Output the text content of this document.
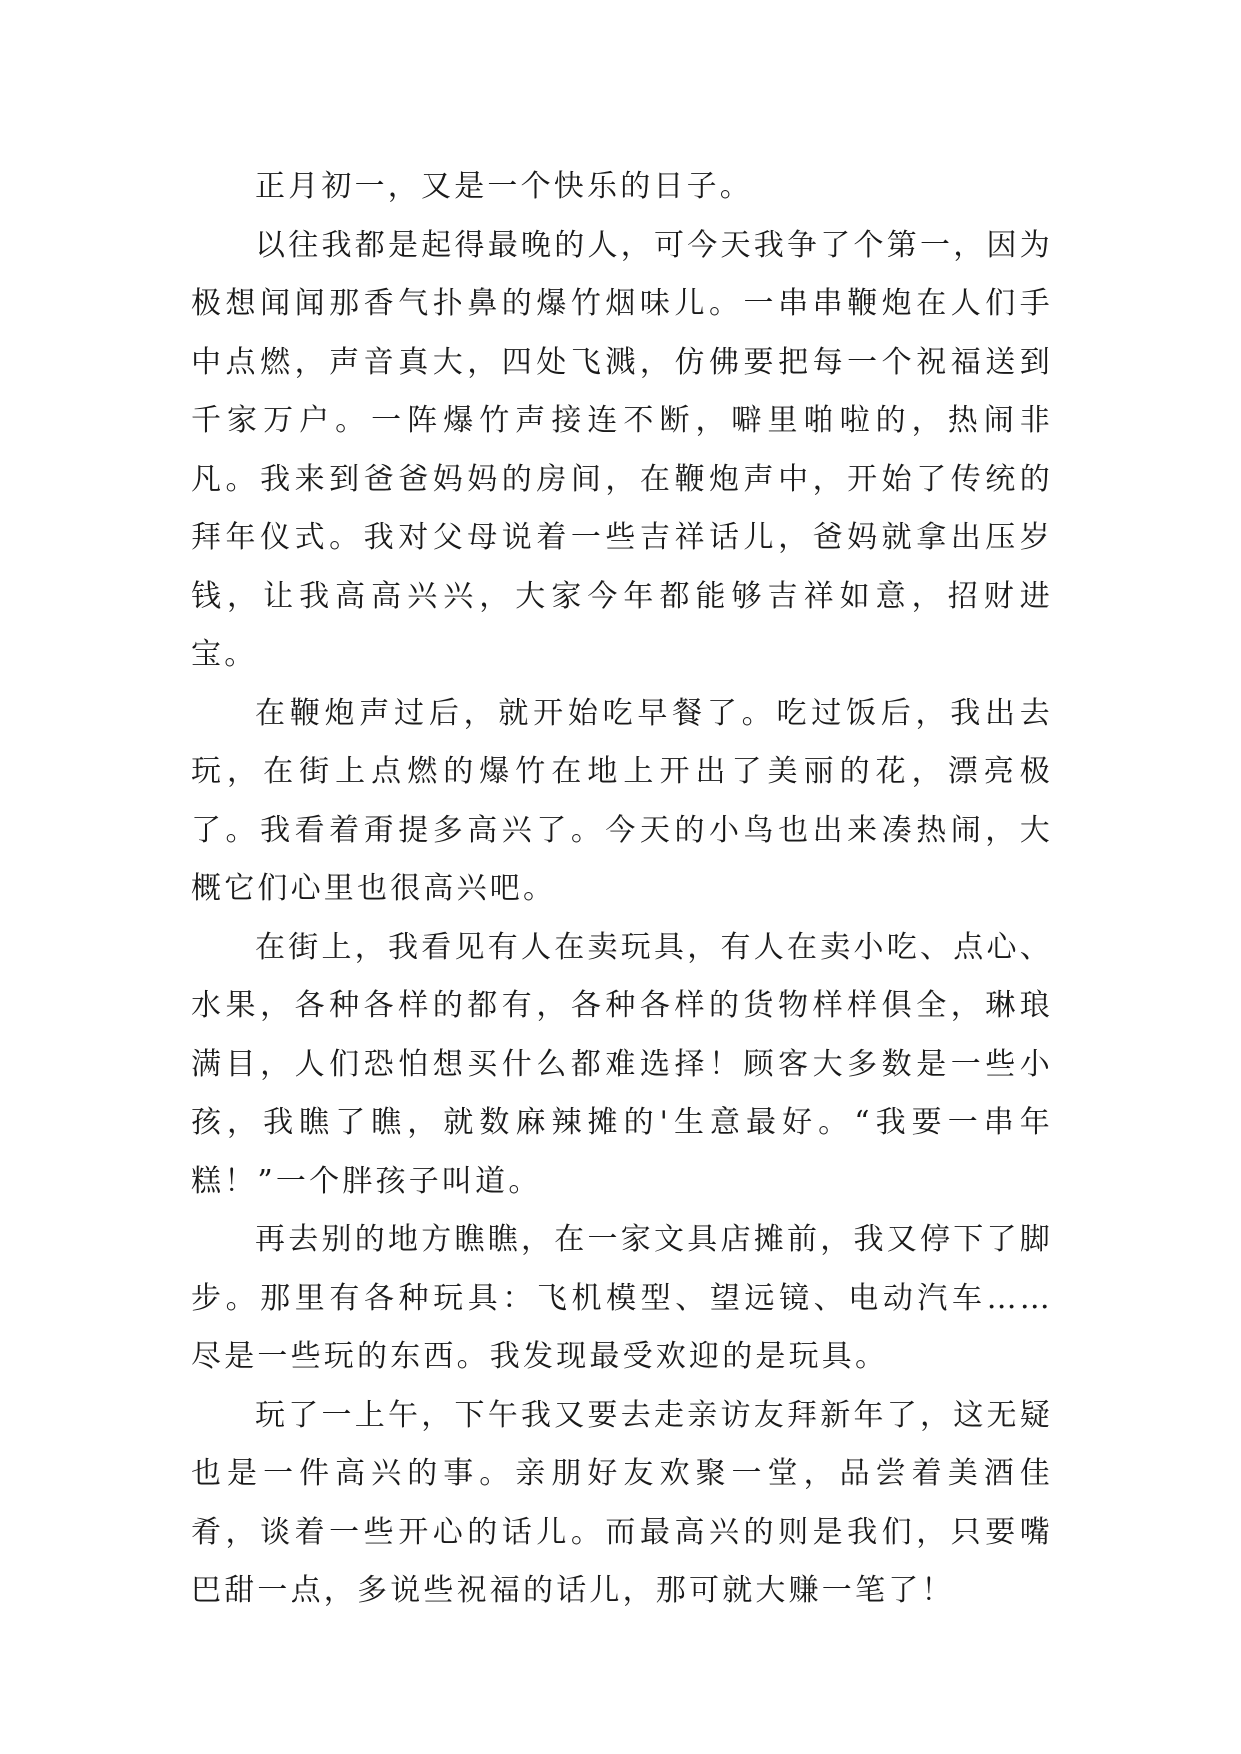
正月初一，又是一个快乐的日子。

以往我都是起得最晚的人，可今天我争了个第一，因为极想闻闻那香气扑鼻的爆竹烟味儿。一串串鞭炮在人们手中点燃，声音真大，四处飞溅，仿佛要把每一个祝福送到千家万户。一阵爆竹声接连不断，噼里啪啦的，热闹非凡。我来到爸爸妈妈的房间，在鞭炮声中，开始了传统的拜年仪式。我对父母说着一些吉祥话儿，爸妈就拿出压岁钱，让我高高兴兴，大家今年都能够吉祥如意，招财进宝。

在鞭炮声过后，就开始吃早餐了。吃过饭后，我出去玩，在街上点燃的爆竹在地上开出了美丽的花，漂亮极了。我看着甭提多高兴了。今天的小鸟也出来凑热闹，大概它们心里也很高兴吧。

在街上，我看见有人在卖玩具，有人在卖小吃、点心、水果，各种各样的都有，各种各样的货物样样俱全，琳琅满目，人们恐怕想买什么都难选择！顾客大多数是一些小孩，我瞧了瞧，就数麻辣摊的'生意最好。“我要一串年糕！”一个胖孩子叫道。

再去别的地方瞧瞧，在一家文具店摊前，我又停下了脚步。那里有各种玩具：飞机模型、望远镜、电动汽车……尽是一些玩的东西。我发现最受欢迎的是玩具。

玩了一上午，下午我又要去走亲访友拜新年了，这无疑也是一件高兴的事。亲朋好友欢聚一堂，品尝着美酒佳肴，谈着一些开心的话儿。而最高兴的则是我们，只要嘴巴甜一点，多说些祝福的话儿，那可就大赚一笔了！
